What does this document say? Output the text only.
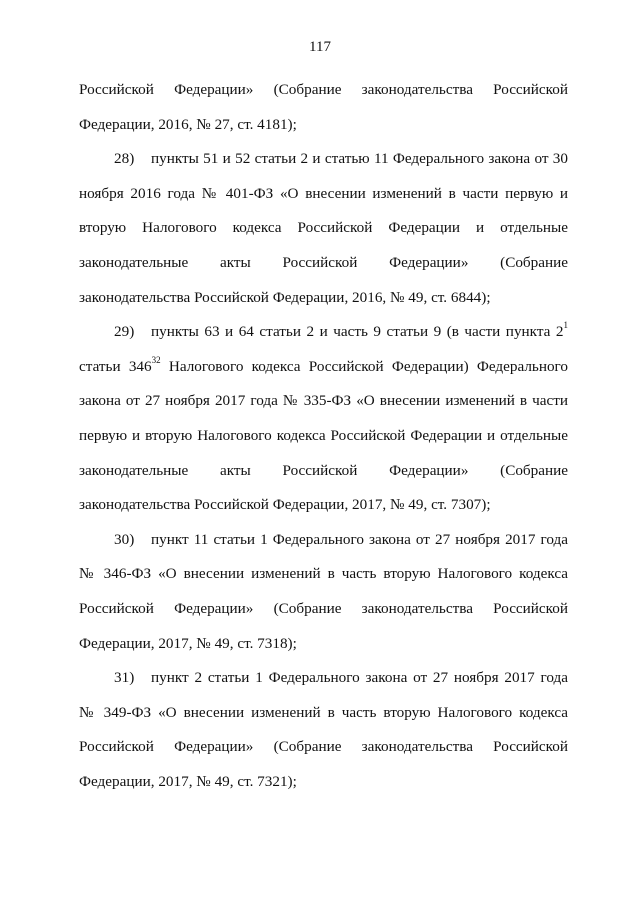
117
Российской Федерации» (Собрание законодательства Российской
Федерации, 2016, № 27, ст. 4181);
28) пункты 51 и 52 статьи 2 и статью 11 Федерального закона от 30
ноября 2016 года № 401-ФЗ «О внесении изменений в части первую и
вторую Налогового кодекса Российской Федерации и отдельные
законодательные акты Российской Федерации» (Собрание
законодательства Российской Федерации, 2016, № 49, ст. 6844);
29) пункты 63 и 64 статьи 2 и часть 9 статьи 9 (в части пункта $2^1$
статьи $346^{32}$ Налогового кодекса Российской Федерации) Федерального
закона от 27 ноября 2017 года № 335-ФЗ «О внесении изменений в части
первую и вторую Налогового кодекса Российской Федерации и отдельные
законодательные акты Российской Федерации» (Собрание
законодательства Российской Федерации, 2017, № 49, ст. 7307);
30) пункт 11 статьи 1 Федерального закона от 27 ноября 2017 года
№ 346-ФЗ «О внесении изменений в часть вторую Налогового кодекса
Российской Федерации» (Собрание законодательства Российской
Федерации, 2017, № 49, ст. 7318);
31) пункт 2 статьи 1 Федерального закона от 27 ноября 2017 года
№ 349-ФЗ «О внесении изменений в часть вторую Налогового кодекса
Российской Федерации» (Собрание законодательства Российской
Федерации, 2017, № 49, ст. 7321);
